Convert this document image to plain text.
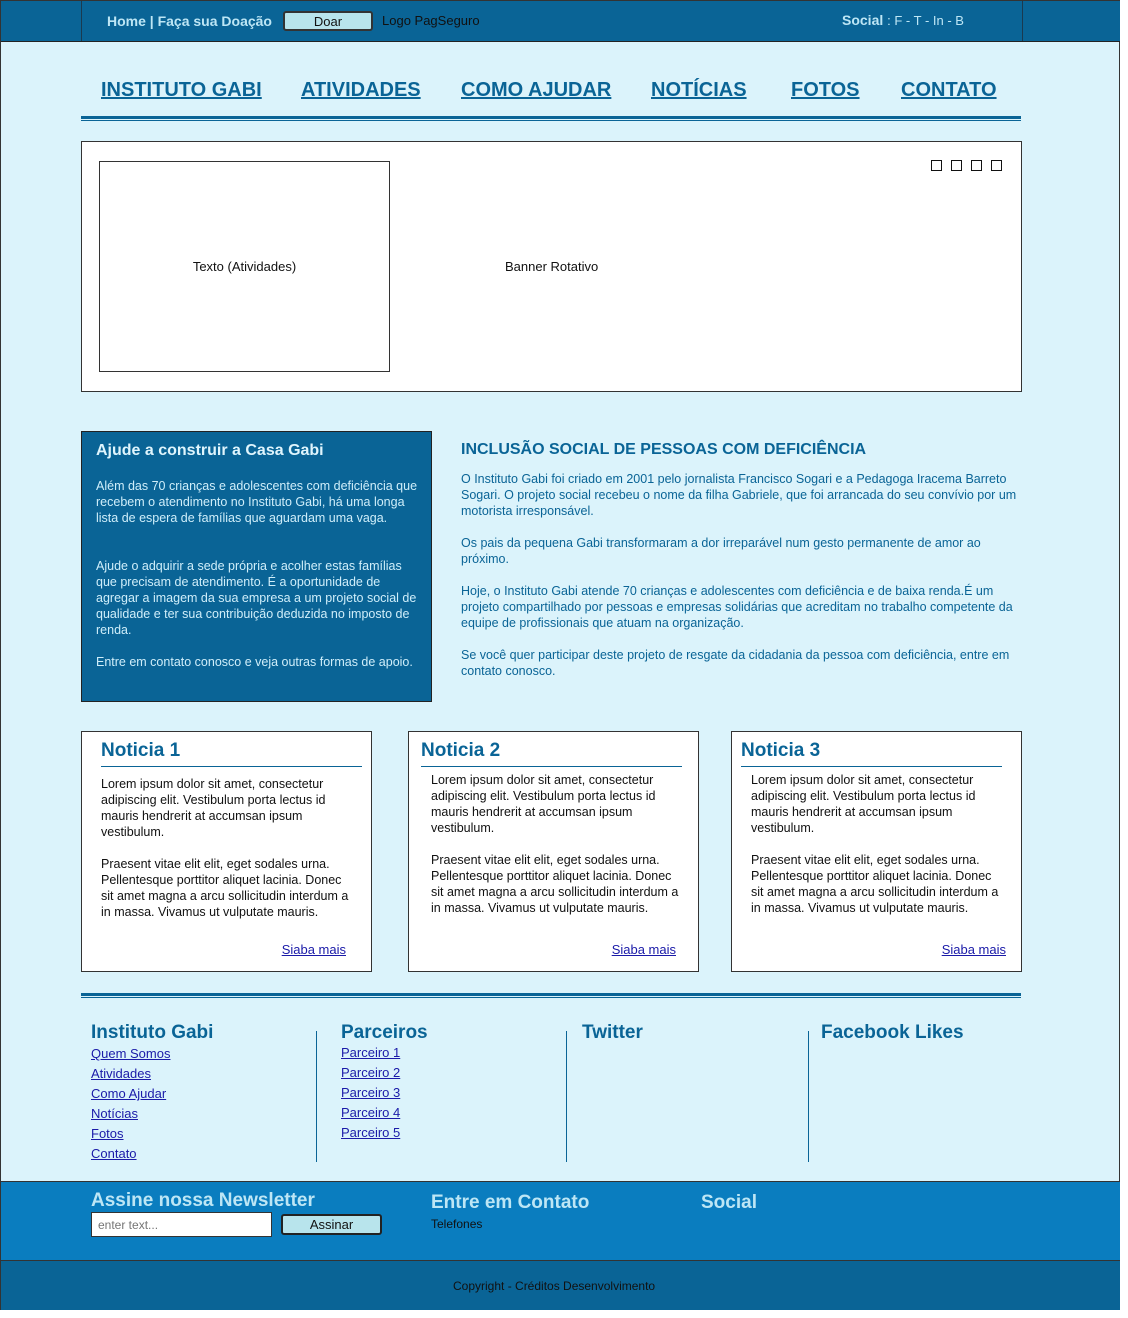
Home | Faça sua Doação	Doar	Logo PagSeguro	Social : F - T - In - B
INSTITUTO GABI ATIVIDADES COMO AJUDAR NOTÍCIAS FOTOS CONTATO
Texto (Atividades)	Banner Rotativo
Ajude a construir a Casa Gabi

Além das 70 crianças e adolescentes com deficiência que recebem o atendimento no Instituto Gabi, há uma longa lista de espera de famílias que aguardam uma vaga.

Ajude o adquirir a sede própria e acolher estas famílias que precisam de atendimento. É a oportunidade de agregar a imagem da sua empresa a um projeto social de qualidade e ter sua contribuição deduzida no imposto de renda.

Entre em contato conosco e veja outras formas de apoio.

INCLUSÃO SOCIAL DE PESSOAS COM DEFICIÊNCIA

O Instituto Gabi foi criado em 2001 pelo jornalista Francisco Sogari e a Pedagoga Iracema Barreto Sogari. O projeto social recebeu o nome da filha Gabriele, que foi arrancada do seu convívio por um motorista irresponsável.

Os pais da pequena Gabi transformaram a dor irreparável num gesto permanente de amor ao próximo.

Hoje, o Instituto Gabi atende 70 crianças e adolescentes com deficiência e de baixa renda.É um projeto compartilhado por pessoas e empresas solidárias que acreditam no trabalho competente da equipe de profissionais que atuam na organização.

Se você quer participar deste projeto de resgate da cidadania da pessoa com deficiência, entre em contato conosco.

Noticia 1

Lorem ipsum dolor sit amet, consectetur adipiscing elit. Vestibulum porta lectus id mauris hendrerit at accumsan ipsum vestibulum.

Praesent vitae elit elit, eget sodales urna. Pellentesque porttitor aliquet lacinia. Donec sit amet magna a arcu sollicitudin interdum a in massa. Vivamus ut vulputate mauris.

Siaba mais
Noticia 2

Lorem ipsum dolor sit amet, consectetur adipiscing elit. Vestibulum porta lectus id mauris hendrerit at accumsan ipsum vestibulum.

Praesent vitae elit elit, eget sodales urna. Pellentesque porttitor aliquet lacinia. Donec sit amet magna a arcu sollicitudin interdum a in massa. Vivamus ut vulputate mauris.

Siaba mais
Noticia 3

Lorem ipsum dolor sit amet, consectetur adipiscing elit. Vestibulum porta lectus id mauris hendrerit at accumsan ipsum vestibulum.

Praesent vitae elit elit, eget sodales urna. Pellentesque porttitor aliquet lacinia. Donec sit amet magna a arcu sollicitudin interdum a in massa. Vivamus ut vulputate mauris.

Siaba mais
Instituto Gabi
Quem Somos
Atividades
Como Ajudar
Notícias
Fotos
Contato
Parceiros
Parceiro 1
Parceiro 2
Parceiro 3
Parceiro 4
Parceiro 5
Twitter	Facebook Likes
Assine nossa Newsletter
enter text...
Assinar
Entre em Contato
Telefones
Social
Copyright - Créditos Desenvolvimento
